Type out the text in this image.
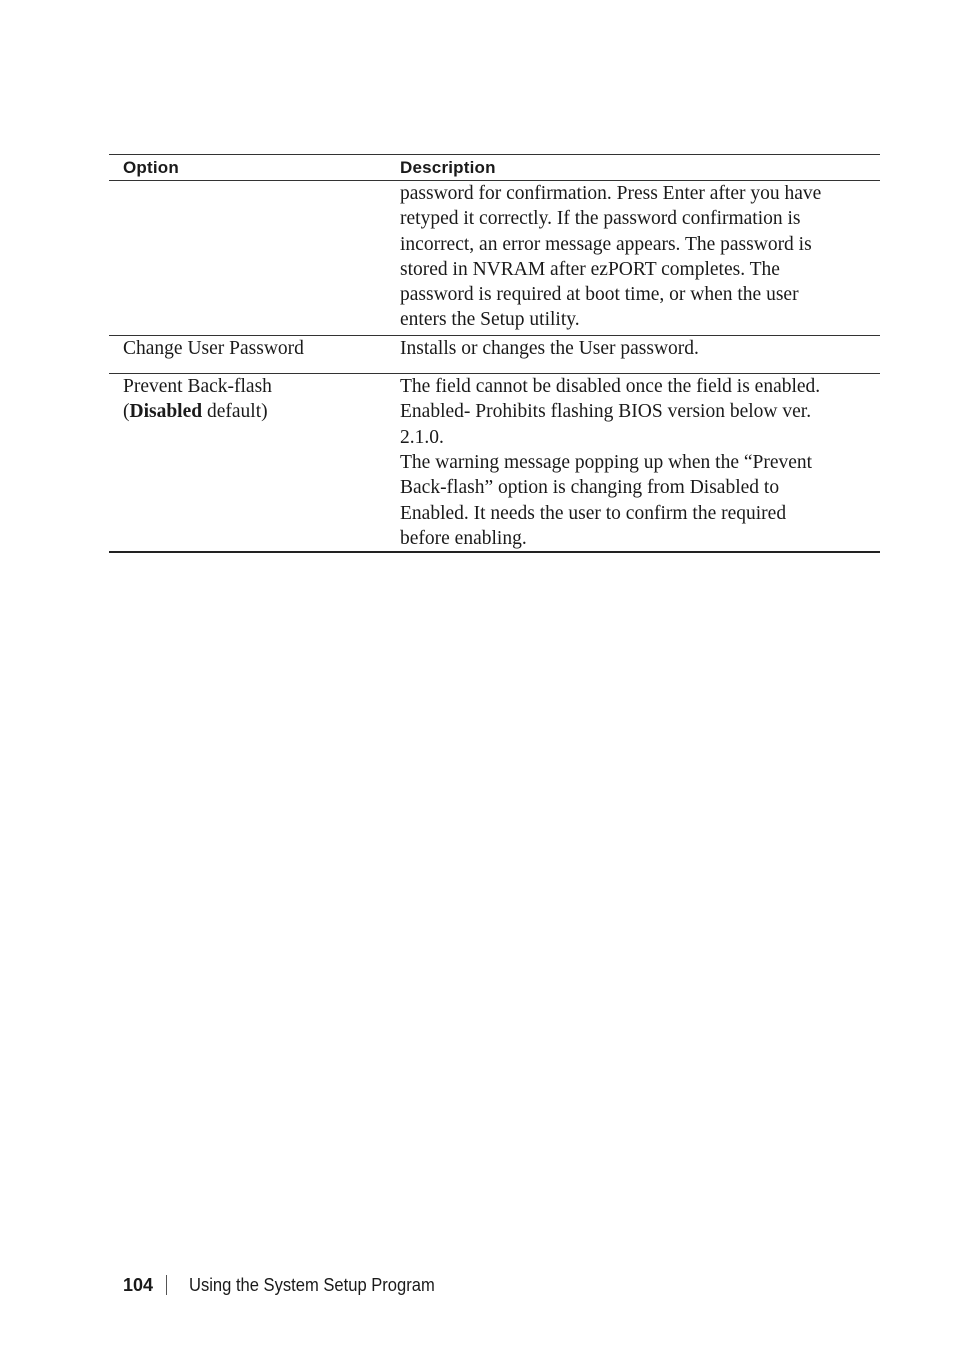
Option	Description
password for confirmation. Press Enter after you have
retyped it correctly. If the password confirmation is
incorrect, an error message appears. The password is
stored in NVRAM after ezPORT completes. The
password is required at boot time, or when the user
enters the Setup utility.
Change User Password	Installs or changes the User password.
Prevent Back-flash
(Disabled default)
The field cannot be disabled once the field is enabled.
Enabled- Prohibits flashing BIOS version below ver.
2.1.0.
The warning message popping up when the “Prevent
Back-flash” option is changing from Disabled to
Enabled. It needs the user to confirm the required
before enabling.
104 Using the System Setup Program
